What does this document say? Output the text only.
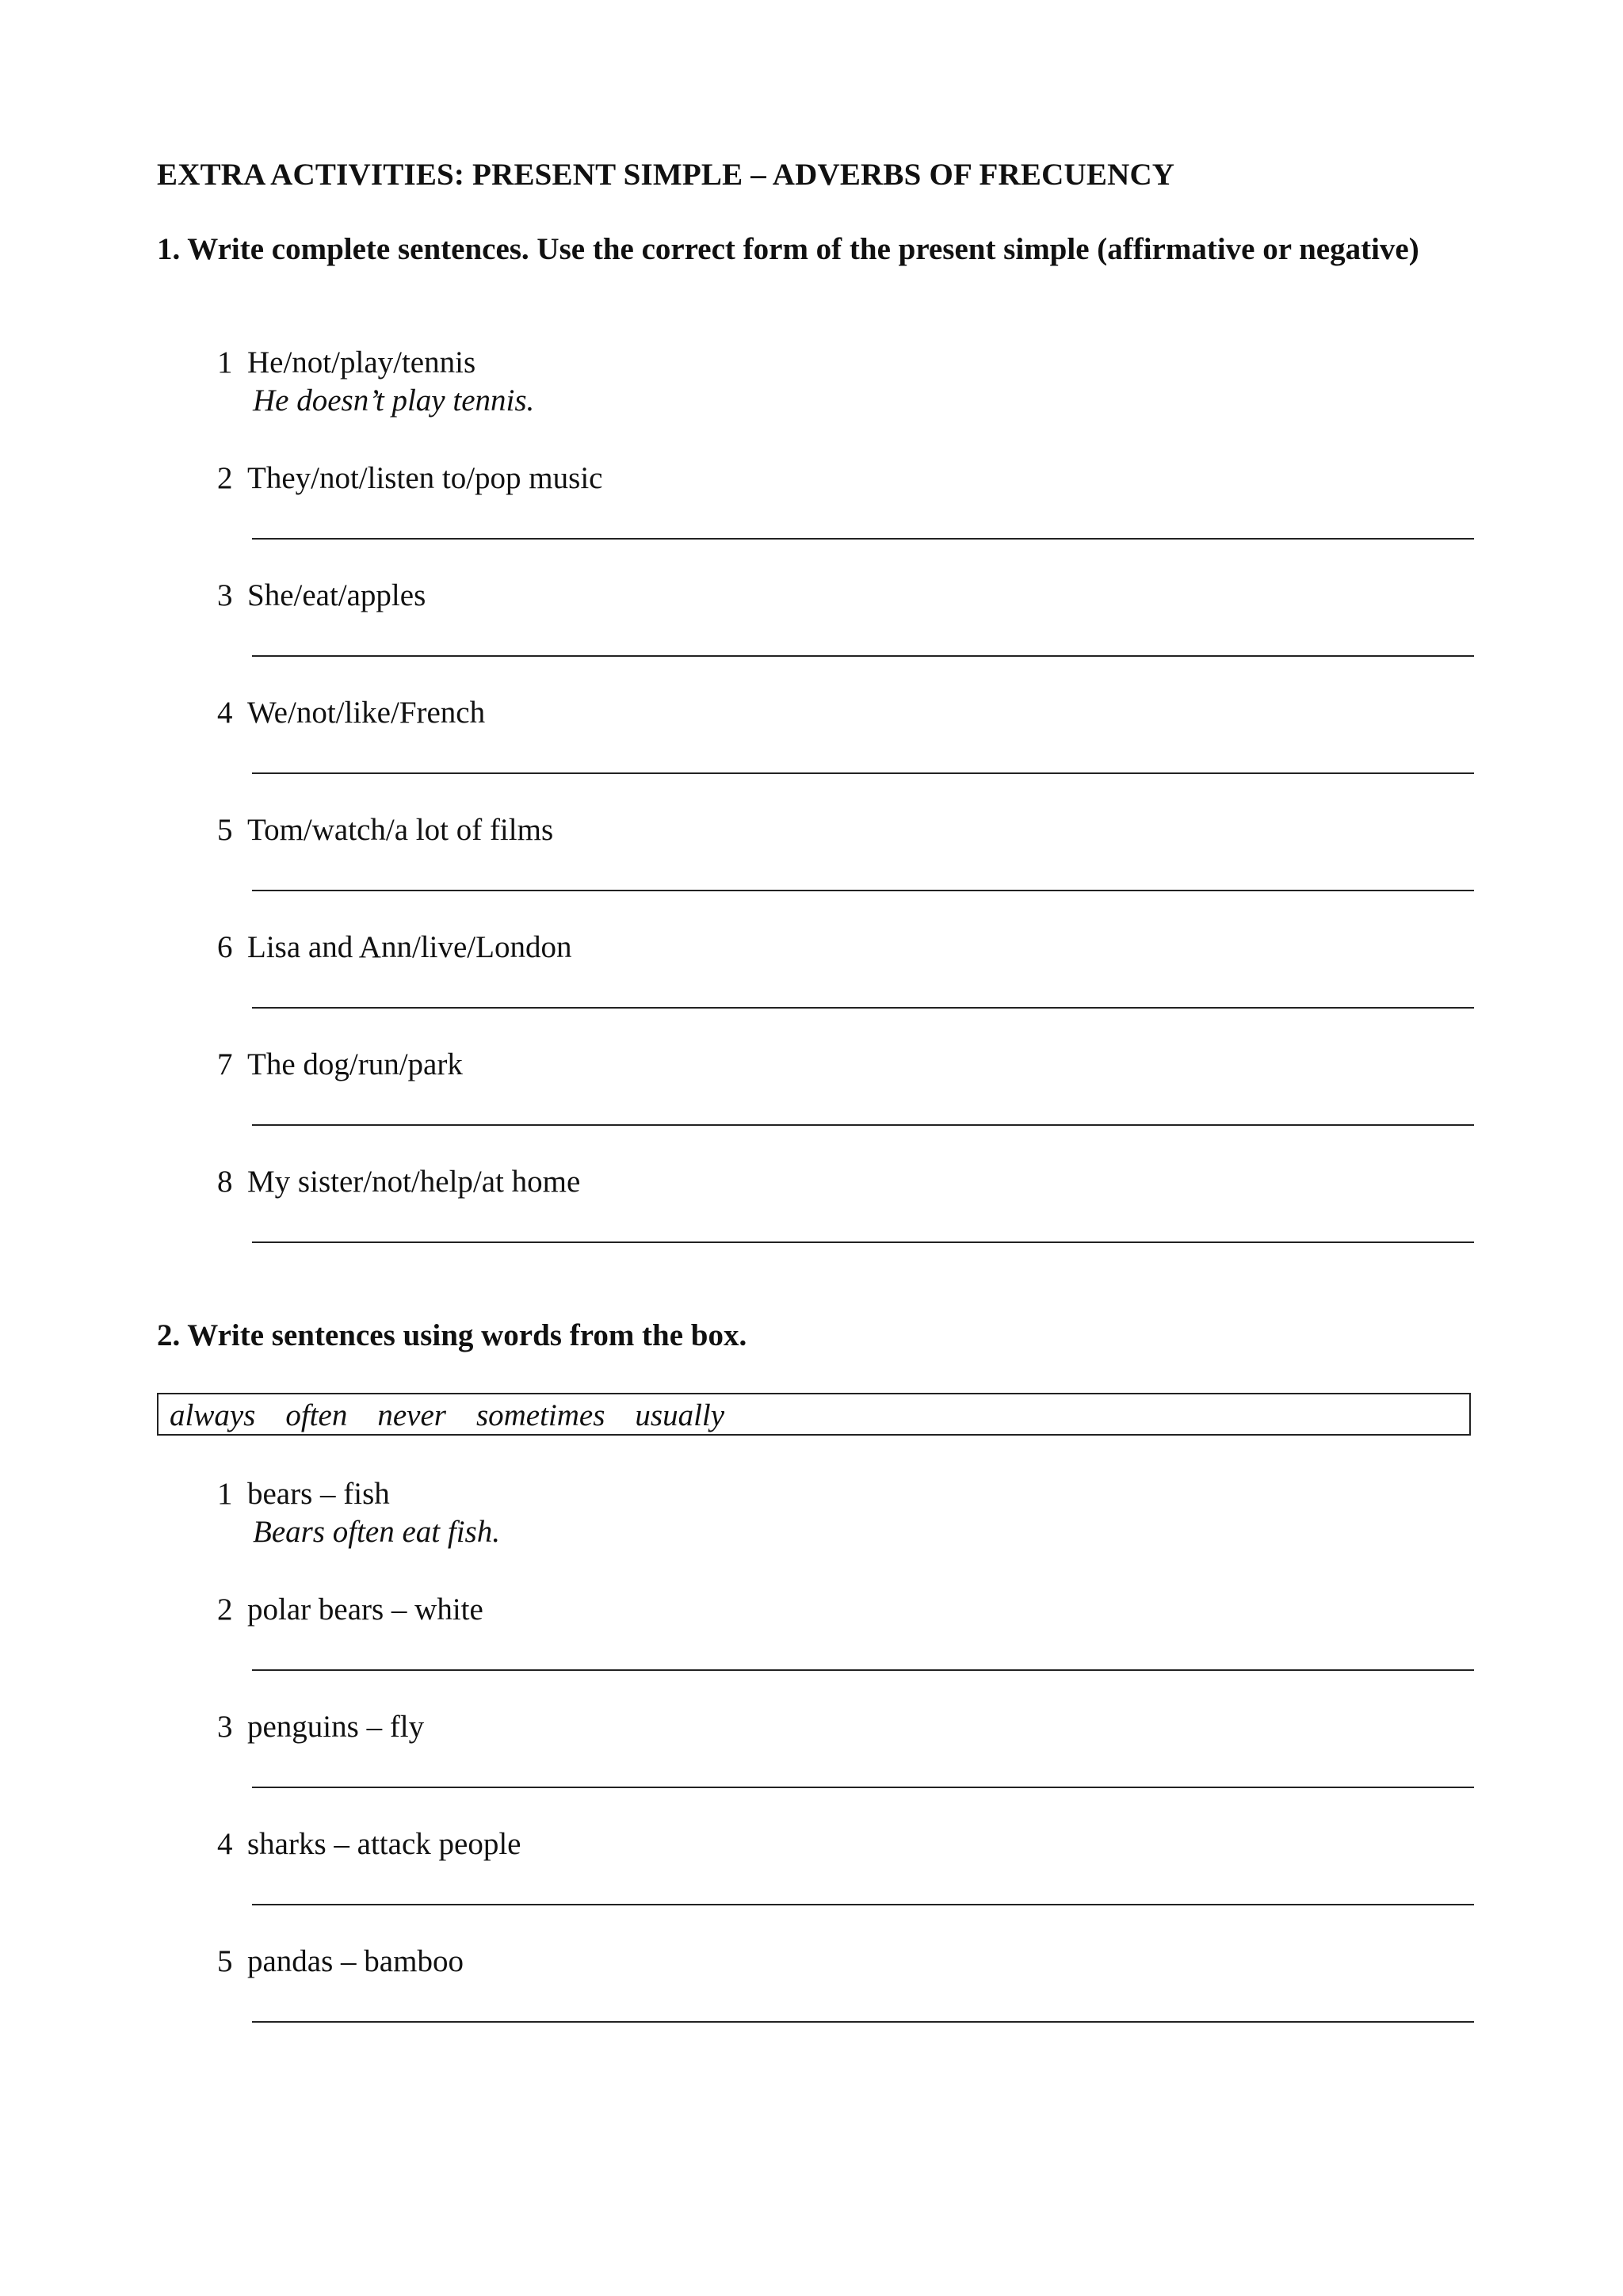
EXTRA ACTIVITIES: PRESENT SIMPLE – ADVERBS OF FRECUENCY
1. Write complete sentences. Use the correct form of the present simple (affirmative or negative)
1 He/not/play/tennis
He doesn’t play tennis.
2 They/not/listen to/pop music
3 She/eat/apples
4 We/not/like/French
5 Tom/watch/a lot of films
6 Lisa and Ann/live/London
7 The dog/run/park
8 My sister/not/help/at home
2. Write sentences using words from the box.
always often never sometimes usually
1 bears – fish
Bears often eat fish.
2 polar bears – white
3 penguins – fly
4 sharks – attack people
5 pandas – bamboo
